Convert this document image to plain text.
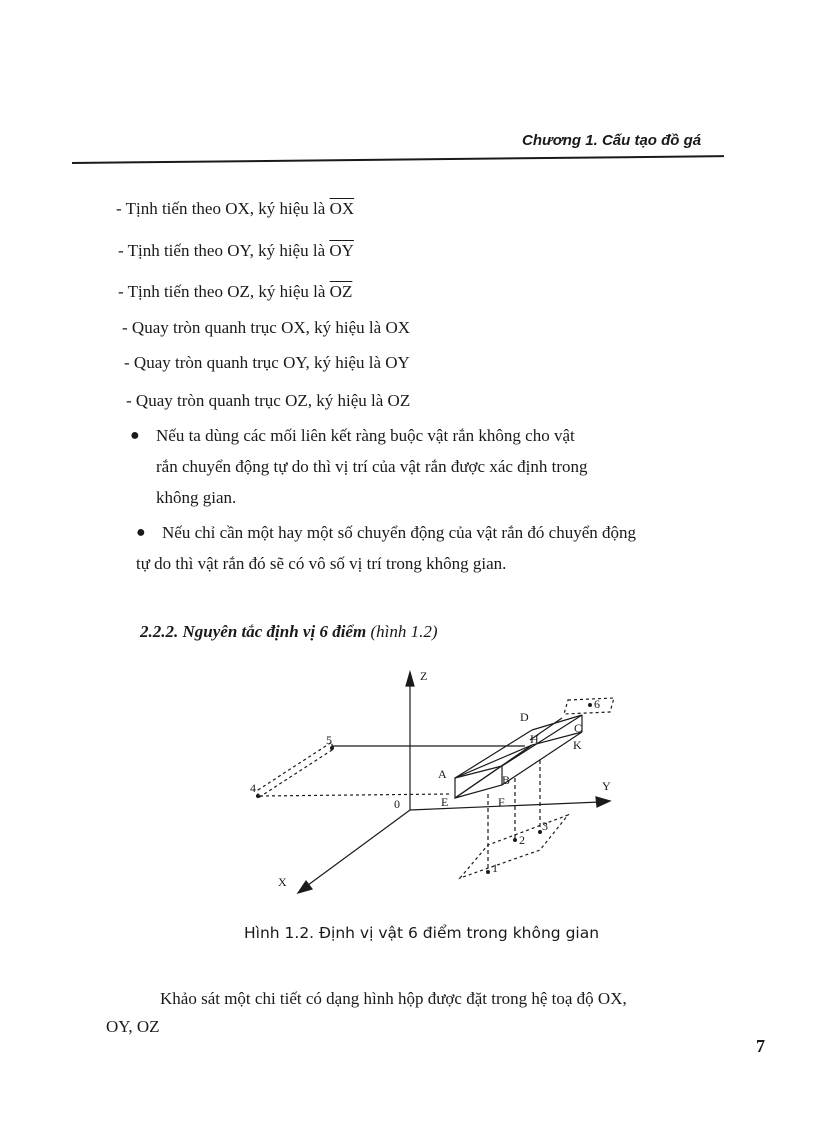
Chương 1. Cấu tạo đồ gá
- Tịnh tiến theo OX, ký hiệu là $\overline{OX}$
- Tịnh tiến theo OY, ký hiệu là $\overline{OY}$
- Tịnh tiến theo OZ, ký hiệu là $\overline{OZ}$
- Quay tròn quanh trục OX, ký hiệu là OX
- Quay tròn quanh trục OY, ký hiệu là OY
- Quay tròn quanh trục OZ, ký hiệu là OZ
● Nếu ta dùng các mối liên kết ràng buộc vật rắn không cho vật
rắn chuyển động tự do thì vị trí của vật rắn được xác định trong
không gian.
● Nếu chỉ cần một hay một số chuyển động của vật rắn đó chuyển động
tự do thì vật rắn đó sẽ có vô số vị trí trong không gian.
2.2.2. Nguyên tắc định vị 6 điểm (hình 1.2)
Z
Y
X
0
A	B
C
D
E	F
H	K
1
2
3
4
5
6
Hình 1.2. Định vị vật 6 điểm trong không gian
Khảo sát một chi tiết có dạng hình hộp được đặt trong hệ toạ độ OX,
OY, OZ
7
